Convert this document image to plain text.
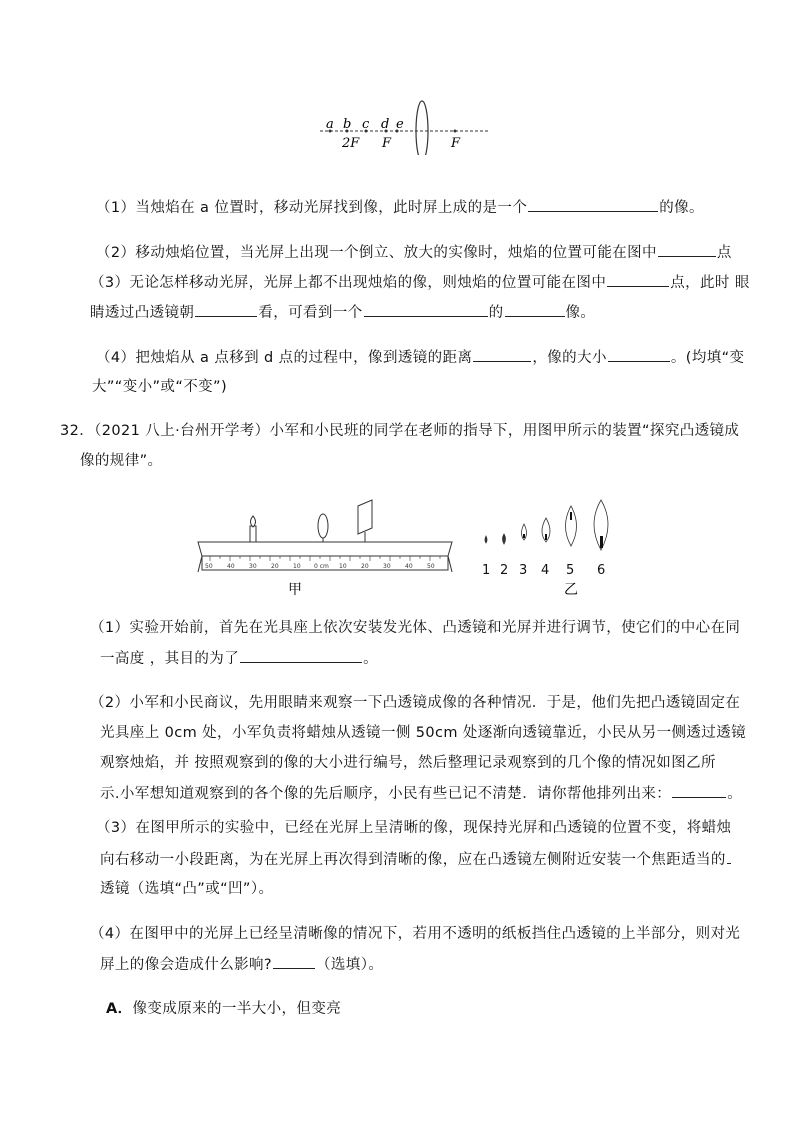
a b c d e
2F F	F
（1）当烛焰在 a 位置时，移动光屏找到像，此时屏上成的是一个	的像。
（2）移动烛焰位置，当光屏上出现一个倒立、放大的实像时，烛焰的位置可能在图中	点
（3）无论怎样移动光屏，光屏上都不出现烛焰的像，则烛焰的位置可能在图中	点，此时 眼
睛透过凸透镜朝	看，可看到一个	的	像。
（4）把烛焰从 a 点移到 d 点的过程中，像到透镜的距离	，像的大小	。(均填“变
大”“变小”或“不变”)
32．（2021 八上·台州开学考）小军和小民班的同学在老师的指导下，用图甲所示的装置“探究凸透镜成
像的规律”。
50 40 30 20 10 0 cm 10 20 30 40 50
甲
1 2 3 4 5 6
乙
（1）实验开始前，首先在光具座上依次安装发光体、凸透镜和光屏并进行调节，使它们的中心在同
一高度 ，其目的为了	。
（2）小军和小民商议，先用眼睛来观察一下凸透镜成像的各种情况．于是，他们先把凸透镜固定在
光具座上 0cm 处，小军负责将蜡烛从透镜一侧 50cm 处逐渐向透镜靠近，小民从另一侧透过透镜
观察烛焰，并 按照观察到的像的大小进行编号，然后整理记录观察到的几个像的情况如图乙所
示.小军想知道观察到的各个像的先后顺序，小民有些已记不清楚．请你帮他排列出来：	。
（3）在图甲所示的实验中，已经在光屏上呈清晰的像，现保持光屏和凸透镜的位置不变，将蜡烛
向右移动一小段距离，为在光屏上再次得到清晰的像，应在凸透镜左侧附近安装一个焦距适当的
透镜（选填“凸”或“凹”）。
（4）在图甲中的光屏上已经呈清晰像的情况下，若用不透明的纸板挡住凸透镜的上半部分，则对光
屏上的像会造成什么影响?	（选填）。
A．像变成原来的一半大小，但变亮
